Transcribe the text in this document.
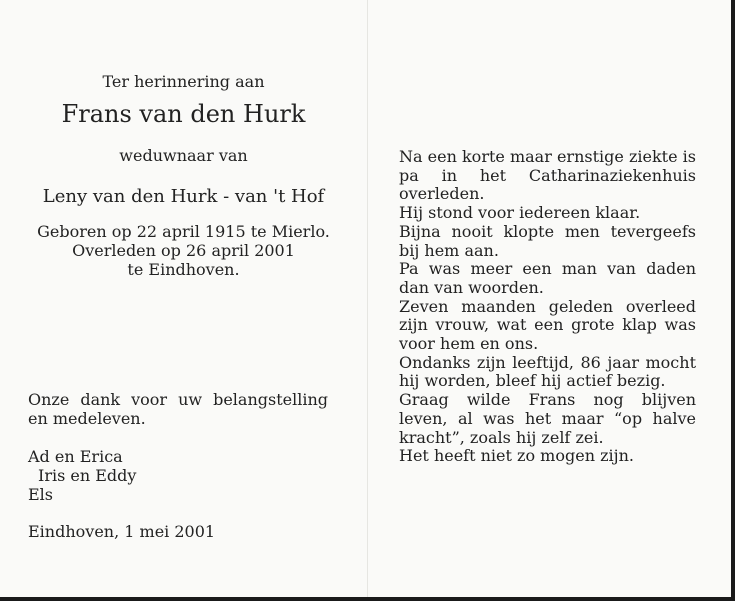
Ter herinnering aan
Frans van den Hurk
weduwnaar van
Leny van den Hurk - van 't Hof
Geboren op 22 april 1915 te Mierlo.
Overleden op 26 april 2001
te Eindhoven.
Onze dank voor uw belangstelling en medeleven.
Ad en Erica
Iris en Eddy
Els
Eindhoven, 1 mei 2001

Na een korte maar ernstige ziekte is pa in het Catharinaziekenhuis overleden.

Hij stond voor iedereen klaar.

Bijna nooit klopte men tevergeefs bij hem aan.

Pa was meer een man van daden dan van woorden.

Zeven maanden geleden overleed zijn vrouw, wat een grote klap was voor hem en ons.

Ondanks zijn leeftijd, 86 jaar mocht hij worden, bleef hij actief bezig.

Graag wilde Frans nog blijven leven, al was het maar “op halve kracht”, zoals hij zelf zei.

Het heeft niet zo mogen zijn.
